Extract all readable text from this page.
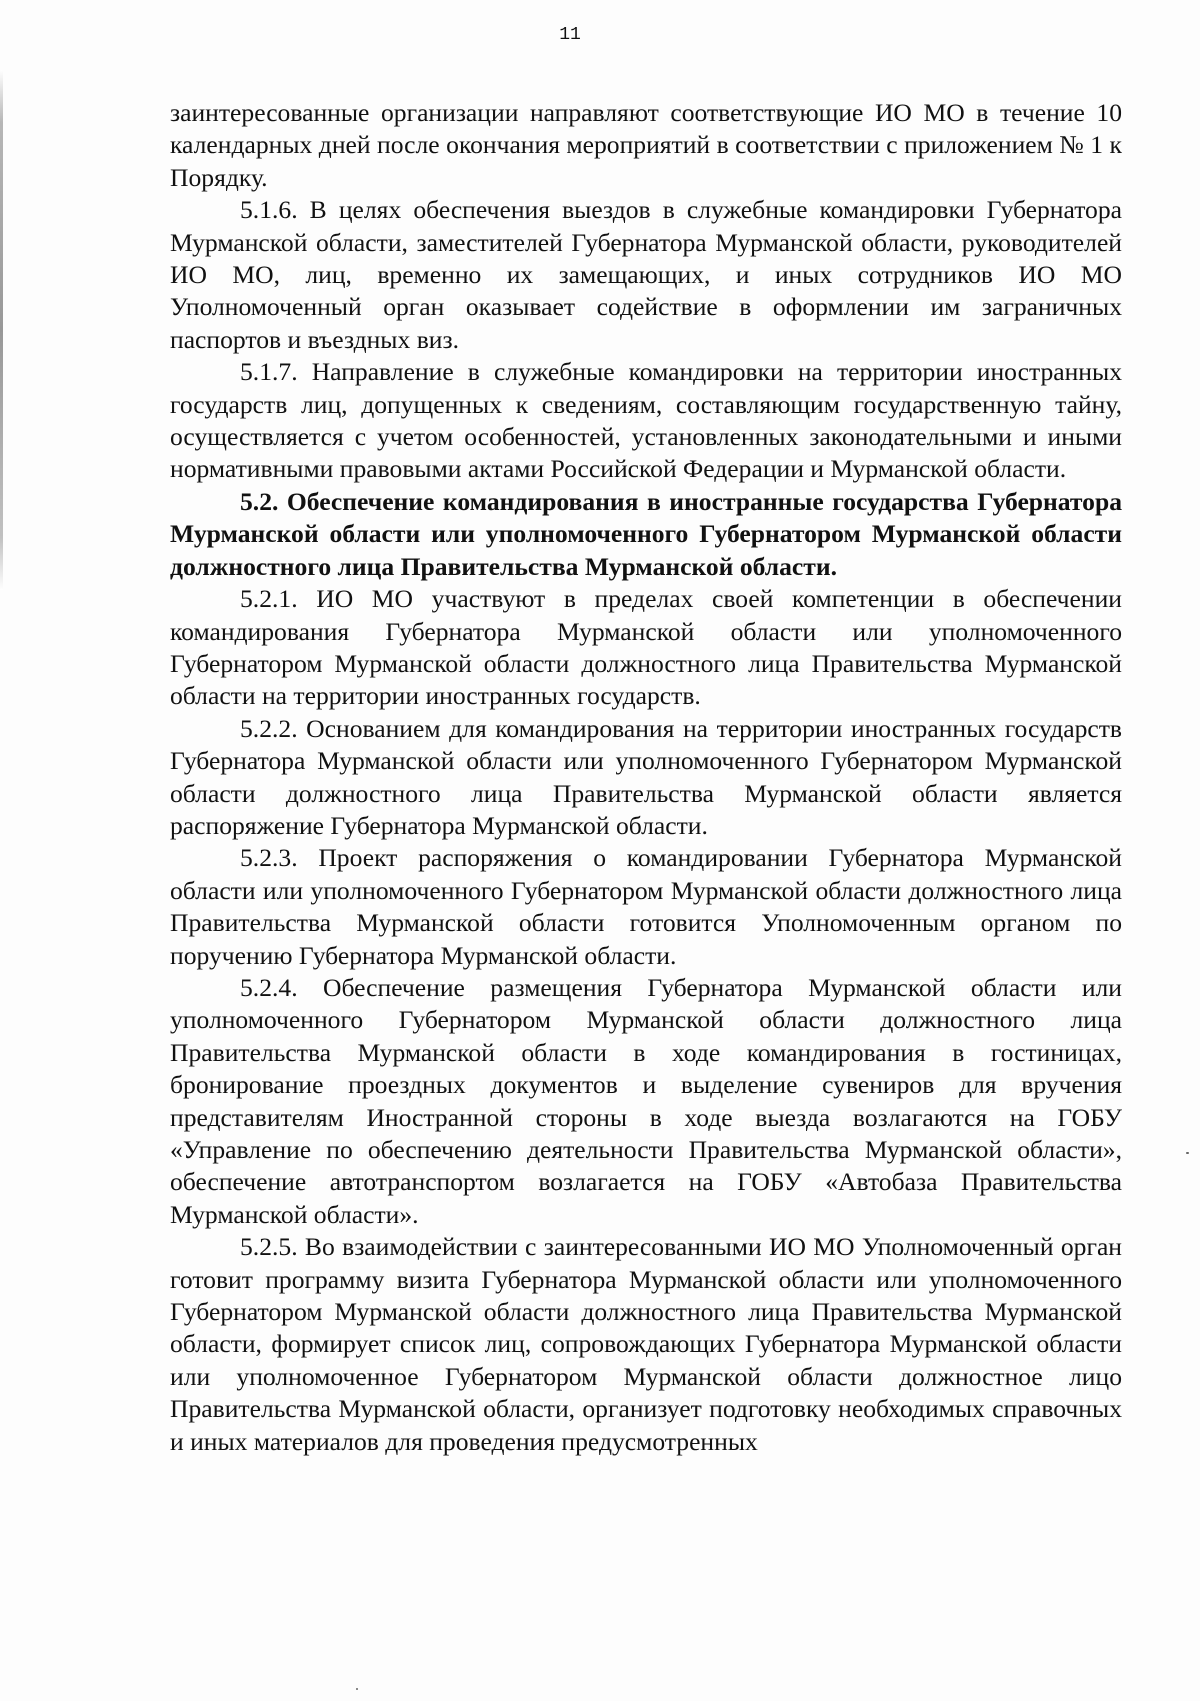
11

заинтересованные организации направляют соответствующие ИО МО в течение 10 календарных дней после окончания мероприятий в соответствии с приложением № 1 к Порядку.

5.1.6. В целях обеспечения выездов в служебные командировки Губернатора Мурманской области, заместителей Губернатора Мурманской области, руководителей ИО МО, лиц, временно их замещающих, и иных сотрудников ИО МО Уполномоченный орган оказывает содействие в оформлении им заграничных паспортов и въездных виз.

5.1.7. Направление в служебные командировки на территории иностранных государств лиц, допущенных к сведениям, составляющим государственную тайну, осуществляется с учетом особенностей, установленных законодательными и иными нормативными правовыми актами Российской Федерации и Мурманской области.

5.2. Обеспечение командирования в иностранные государства Губернатора Мурманской области или уполномоченного Губернатором Мурманской области должностного лица Правительства Мурманской области.

5.2.1. ИО МО участвуют в пределах своей компетенции в обеспечении командирования Губернатора Мурманской области или уполномоченного Губернатором Мурманской области должностного лица Правительства Мурманской области на территории иностранных государств.

5.2.2. Основанием для командирования на территории иностранных государств Губернатора Мурманской области или уполномоченного Губернатором Мурманской области должностного лица Правительства Мурманской области является распоряжение Губернатора Мурманской области.

5.2.3. Проект распоряжения о командировании Губернатора Мурманской области или уполномоченного Губернатором Мурманской области должностного лица Правительства Мурманской области готовится Уполномоченным органом по поручению Губернатора Мурманской области.

5.2.4. Обеспечение размещения Губернатора Мурманской области или уполномоченного Губернатором Мурманской области должностного лица Правительства Мурманской области в ходе командирования в гостиницах, бронирование проездных документов и выделение сувениров для вручения представителям Иностранной стороны в ходе выезда возлагаются на ГОБУ «Управление по обеспечению деятельности Правительства Мурманской области», обеспечение автотранспортом возлагается на ГОБУ «Автобаза Правительства Мурманской области».

5.2.5. Во взаимодействии с заинтересованными ИО МО Уполномоченный орган готовит программу визита Губернатора Мурманской области или уполномоченного Губернатором Мурманской области должностного лица Правительства Мурманской области, формирует список лиц, сопровождающих Губернатора Мурманской области или уполномоченное Губернатором Мурманской области должностное лицо Правительства Мурманской области, организует подготовку необходимых справочных и иных материалов для проведения предусмотренных
